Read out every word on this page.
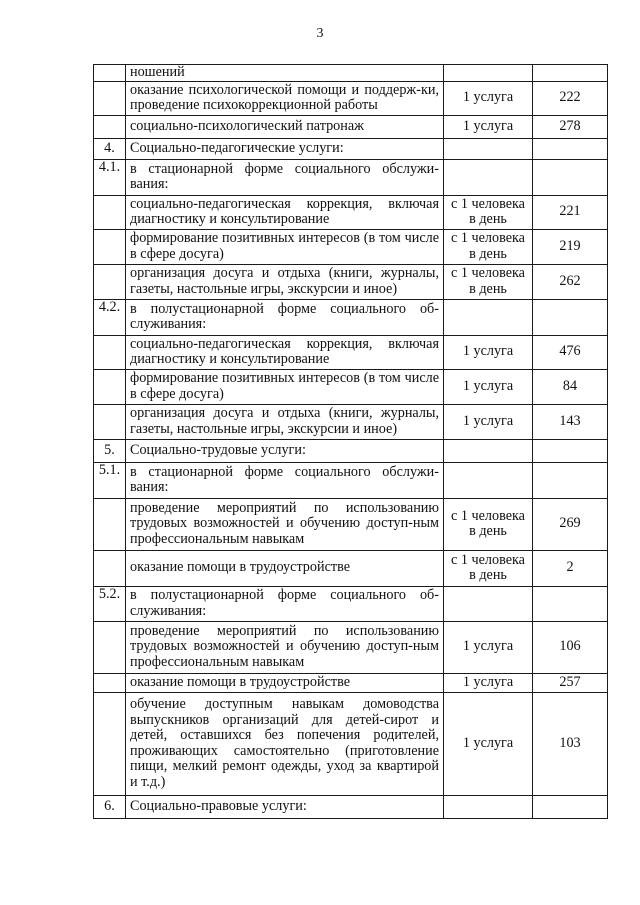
3
	ношений		
	оказание психологической помощи и поддерж-ки, проведение психокоррекционной работы	1 услуга	222
	социально-психологический патронаж	1 услуга	278
4.	Социально-педагогические услуги:		
4.1.	в стационарной форме социального обслужи-вания:		
	социально-педагогическая коррекция, включая диагностику и консультирование	с 1 человека в день	221
	формирование позитивных интересов (в том числе в сфере досуга)	с 1 человека в день	219
	организация досуга и отдыха (книги, журналы, газеты, настольные игры, экскурсии и иное)	с 1 человека в день	262
4.2.	в полустационарной форме социального об-служивания:		
	социально-педагогическая коррекция, включая диагностику и консультирование	1 услуга	476
	формирование позитивных интересов (в том числе в сфере досуга)	1 услуга	84
	организация досуга и отдыха (книги, журналы, газеты, настольные игры, экскурсии и иное)	1 услуга	143
5.	Социально-трудовые услуги:		
5.1.	в стационарной форме социального обслужи-вания:		
	проведение мероприятий по использованию трудовых возможностей и обучению доступ-ным профессиональным навыкам	с 1 человека в день	269
	оказание помощи в трудоустройстве	с 1 человека в день	2
5.2.	в полустационарной форме социального об-служивания:		
	проведение мероприятий по использованию трудовых возможностей и обучению доступ-ным профессиональным навыкам	1 услуга	106
	оказание помощи в трудоустройстве	1 услуга	257
	обучение доступным навыкам домоводства выпускников организаций для детей-сирот и детей, оставшихся без попечения родителей, проживающих самостоятельно (приготовление пищи, мелкий ремонт одежды, уход за квартирой и т.д.)	1 услуга	103
6.	Социально-правовые услуги:		
